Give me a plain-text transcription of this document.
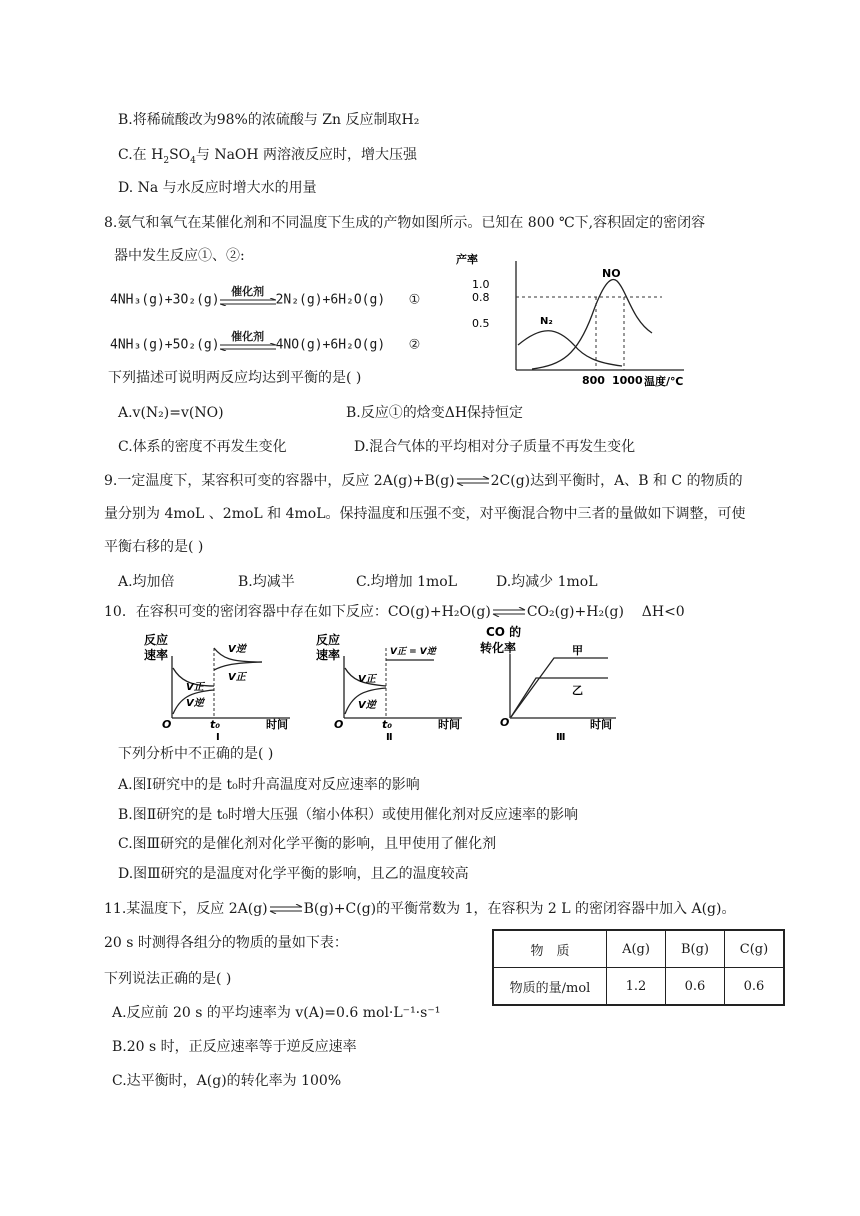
B.将稀硫酸改为98%的浓硫酸与 Zn 反应制取H₂
C.在 $H_2SO_4$与 NaOH 两溶液反应时，增大压强
D. Na 与水反应时增大水的用量
8.氨气和氧气在某催化剂和不同温度下生成的产物如图所示。已知在 800 ℃下,容积固定的密闭容
器中发生反应①、②:
4NH₃(g)+3O₂(g)
催化剂
2N₂(g)+6H₂O(g) ①
4NH₃(g)+5O₂(g)
催化剂
4NO(g)+6H₂O(g) ②
产率
1.0
0.8
0.5
NO
N₂
800 1000 温度/℃
下列描述可说明两反应均达到平衡的是( )
A.v(N₂)=v(NO)	B.反应①的焓变ΔH保持恒定
C.体系的密度不再发生变化	D.混合气体的平均相对分子质量不再发生变化
9.一定温度下，某容积可变的容器中，反应 2A(g)+B(g)⇌2C(g)达到平衡时，A、B 和 C 的物质的
量分别为 4moL 、2moL 和 4moL。保持温度和压强不变，对平衡混合物中三者的量做如下调整，可使
平衡右移的是( )
A.均加倍	B.均减半	C.均增加 1moL	D.均减少 1moL
10．在容积可变的密闭容器中存在如下反应：CO(g)+H₂O(g)⇌CO₂(g)+H₂(g) ΔH<0
反应
速率
V正
V逆
V逆
V正
O	t₀	时间
Ⅰ
反应
速率	V正 = V逆
V正
V逆
O	t₀	时间
Ⅱ
CO 的
转化率	甲
乙
O	时间
Ⅲ
下列分析中不正确的是( )
A.图Ⅰ研究中的是 t₀时升高温度对反应速率的影响
B.图Ⅱ研究的是 t₀时增大压强（缩小体积）或使用催化剂对反应速率的影响
C.图Ⅲ研究的是催化剂对化学平衡的影响，且甲使用了催化剂
D.图Ⅲ研究的是温度对化学平衡的影响，且乙的温度较高
11.某温度下，反应 2A(g)⇌B(g)+C(g)的平衡常数为 1，在容积为 2 L 的密闭容器中加入 A(g)。
20 s 时测得各组分的物质的量如下表：
下列说法正确的是( )
A.反应前 20 s 的平均速率为 v(A)=0.6 mol·L⁻¹·s⁻¹
B.20 s 时，正反应速率等于逆反应速率
C.达平衡时，A(g)的转化率为 100%
物　质	A(g)	B(g)	C(g)
物质的量/mol	1.2	0.6	0.6
